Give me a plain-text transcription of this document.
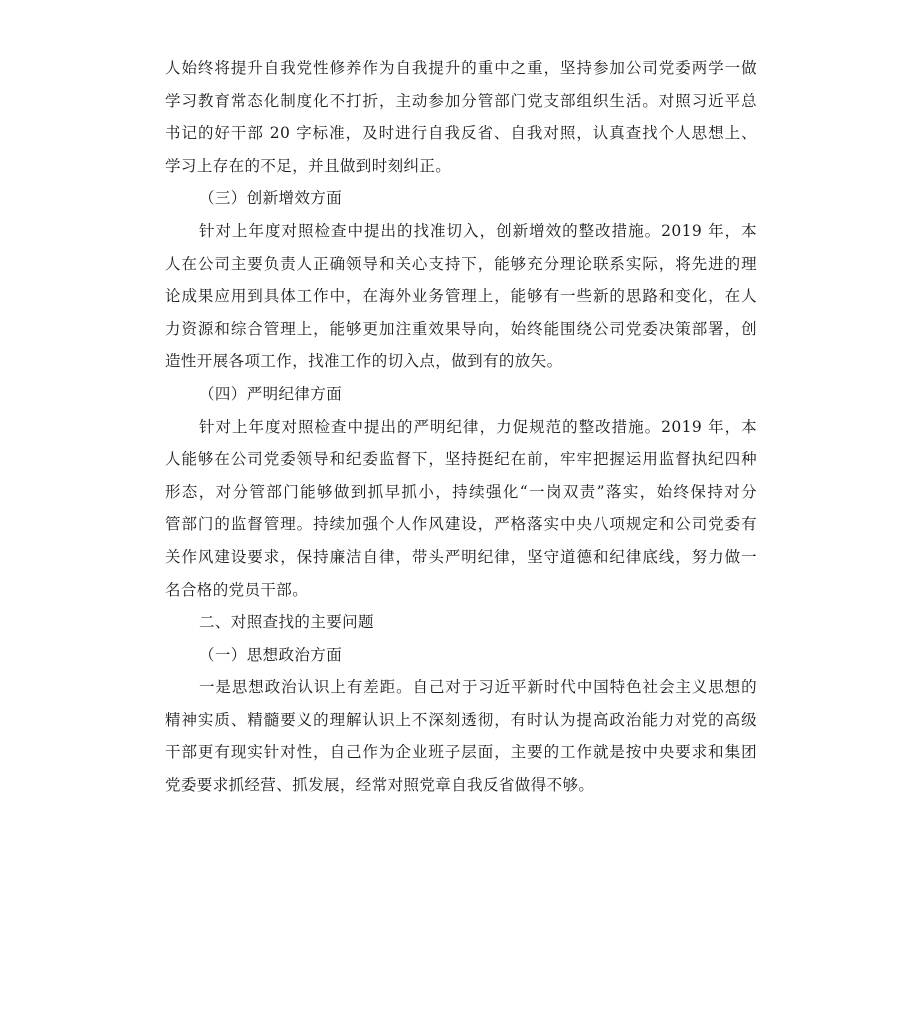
人始终将提升自我党性修养作为自我提升的重中之重，坚持参加公司党委两学一做
学习教育常态化制度化不打折，主动参加分管部门党支部组织生活。对照习近平总
书记的好干部 20 字标准，及时进行自我反省、自我对照，认真查找个人思想上、
学习上存在的不足，并且做到时刻纠正。
（三）创新增效方面
针对上年度对照检查中提出的找准切入，创新增效的整改措施。2019 年，本
人在公司主要负责人正确领导和关心支持下，能够充分理论联系实际，将先进的理
论成果应用到具体工作中，在海外业务管理上，能够有一些新的思路和变化，在人
力资源和综合管理上，能够更加注重效果导向，始终能围绕公司党委决策部署，创
造性开展各项工作，找准工作的切入点，做到有的放矢。
（四）严明纪律方面
针对上年度对照检查中提出的严明纪律，力促规范的整改措施。2019 年，本
人能够在公司党委领导和纪委监督下，坚持挺纪在前，牢牢把握运用监督执纪四种
形态，对分管部门能够做到抓早抓小，持续强化“一岗双责”落实，始终保持对分
管部门的监督管理。持续加强个人作风建设，严格落实中央八项规定和公司党委有
关作风建设要求，保持廉洁自律，带头严明纪律，坚守道德和纪律底线，努力做一
名合格的党员干部。
二、对照查找的主要问题
（一）思想政治方面
一是思想政治认识上有差距。自己对于习近平新时代中国特色社会主义思想的
精神实质、精髓要义的理解认识上不深刻透彻，有时认为提高政治能力对党的高级
干部更有现实针对性，自己作为企业班子层面，主要的工作就是按中央要求和集团
党委要求抓经营、抓发展，经常对照党章自我反省做得不够。
